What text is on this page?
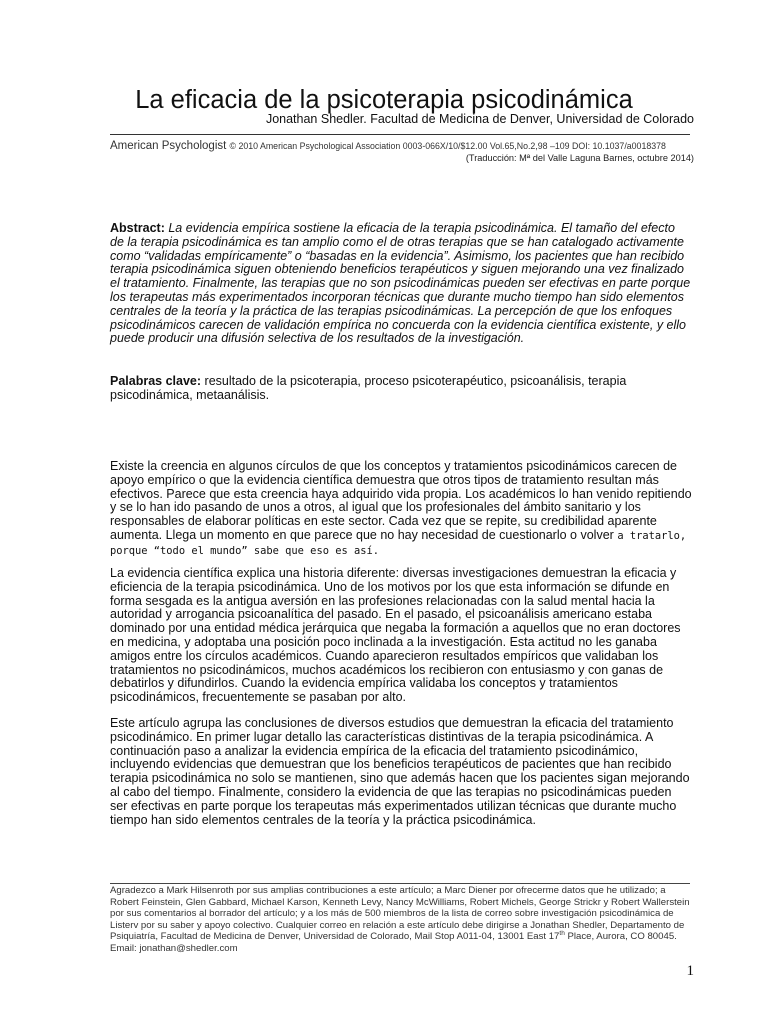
La eficacia de la psicoterapia psicodinámica
Jonathan Shedler. Facultad de Medicina de Denver, Universidad de Colorado
American Psychologist © 2010 American Psychological Association 0003-066X/10/$12.00 Vol.65,No.2,98 –109 DOI: 10.1037/a0018378
(Traducción: Mª del Valle Laguna Barnes, octubre 2014)
Abstract: La evidencia empírica sostiene la eficacia de la terapia psicodinámica. El tamaño del efecto de la terapia psicodinámica es tan amplio como el de otras terapias que se han catalogado activamente como “validadas empíricamente” o “basadas en la evidencia”. Asimismo, los pacientes que han recibido terapia psicodinámica siguen obteniendo beneficios terapéuticos y siguen mejorando una vez finalizado el tratamiento. Finalmente, las terapias que no son psicodinámicas pueden ser efectivas en parte porque los terapeutas más experimentados incorporan técnicas que durante mucho tiempo han sido elementos centrales de la teoría y la práctica de las terapias psicodinámicas. La percepción de que los enfoques psicodinámicos carecen de validación empírica no concuerda con la evidencia científica existente, y ello puede producir una difusión selectiva de los resultados de la investigación.
Palabras clave: resultado de la psicoterapia, proceso psicoterapéutico, psicoanálisis, terapia psicodinámica, metaanálisis.
Existe la creencia en algunos círculos de que los conceptos y tratamientos psicodinámicos carecen de apoyo empírico o que la evidencia científica demuestra que otros tipos de tratamiento resultan más efectivos. Parece que esta creencia haya adquirido vida propia. Los académicos lo han venido repitiendo y se lo han ido pasando de unos a otros, al igual que los profesionales del ámbito sanitario y los responsables de elaborar políticas en este sector. Cada vez que se repite, su credibilidad aparente aumenta. Llega un momento en que parece que no hay necesidad de cuestionarlo o volver a tratarlo, porque “todo el mundo” sabe que eso es así.
La evidencia científica explica una historia diferente: diversas investigaciones demuestran la eficacia y eficiencia de la terapia psicodinámica. Uno de los motivos por los que esta información se difunde en forma sesgada es la antigua aversión en las profesiones relacionadas con la salud mental hacia la autoridad y arrogancia psicoanalítica del pasado. En el pasado, el psicoanálisis americano estaba dominado por una entidad médica jerárquica que negaba la formación a aquellos que no eran doctores en medicina, y adoptaba una posición poco inclinada a la investigación. Esta actitud no les ganaba amigos entre los círculos académicos. Cuando aparecieron resultados empíricos que validaban los tratamientos no psicodinámicos, muchos académicos los recibieron con entusiasmo y con ganas de debatirlos y difundirlos. Cuando la evidencia empírica validaba los conceptos y tratamientos psicodinámicos, frecuentemente se pasaban por alto.
Este artículo agrupa las conclusiones de diversos estudios que demuestran la eficacia del tratamiento psicodinámico. En primer lugar detallo las características distintivas de la terapia psicodinámica. A continuación paso a analizar la evidencia empírica de la eficacia del tratamiento psicodinámico, incluyendo evidencias que demuestran que los beneficios terapéuticos de pacientes que han recibido terapia psicodinámica no solo se mantienen, sino que además hacen que los pacientes sigan mejorando al cabo del tiempo. Finalmente, considero la evidencia de que las terapias no psicodinámicas pueden ser efectivas en parte porque los terapeutas más experimentados utilizan técnicas que durante mucho tiempo han sido elementos centrales de la teoría y la práctica psicodinámica.
Agradezco a Mark Hilsenroth por sus amplias contribuciones a este artículo; a Marc Diener por ofrecerme datos que he utilizado; a Robert Feinstein, Glen Gabbard, Michael Karson, Kenneth Levy, Nancy McWilliams, Robert Michels, George Strickr y Robert Wallerstein por sus comentarios al borrador del artículo; y a los más de 500 miembros de la lista de correo sobre investigación psicodinámica de Listerv por su saber y apoyo colectivo. Cualquier correo en relación a este artículo debe dirigirse a Jonathan Shedler, Departamento de Psiquiatría, Facultad de Medicina de Denver, Universidad de Colorado, Mail Stop A011-04, 13001 East 17th Place, Aurora, CO 80045. Email: jonathan@shedler.com
1
